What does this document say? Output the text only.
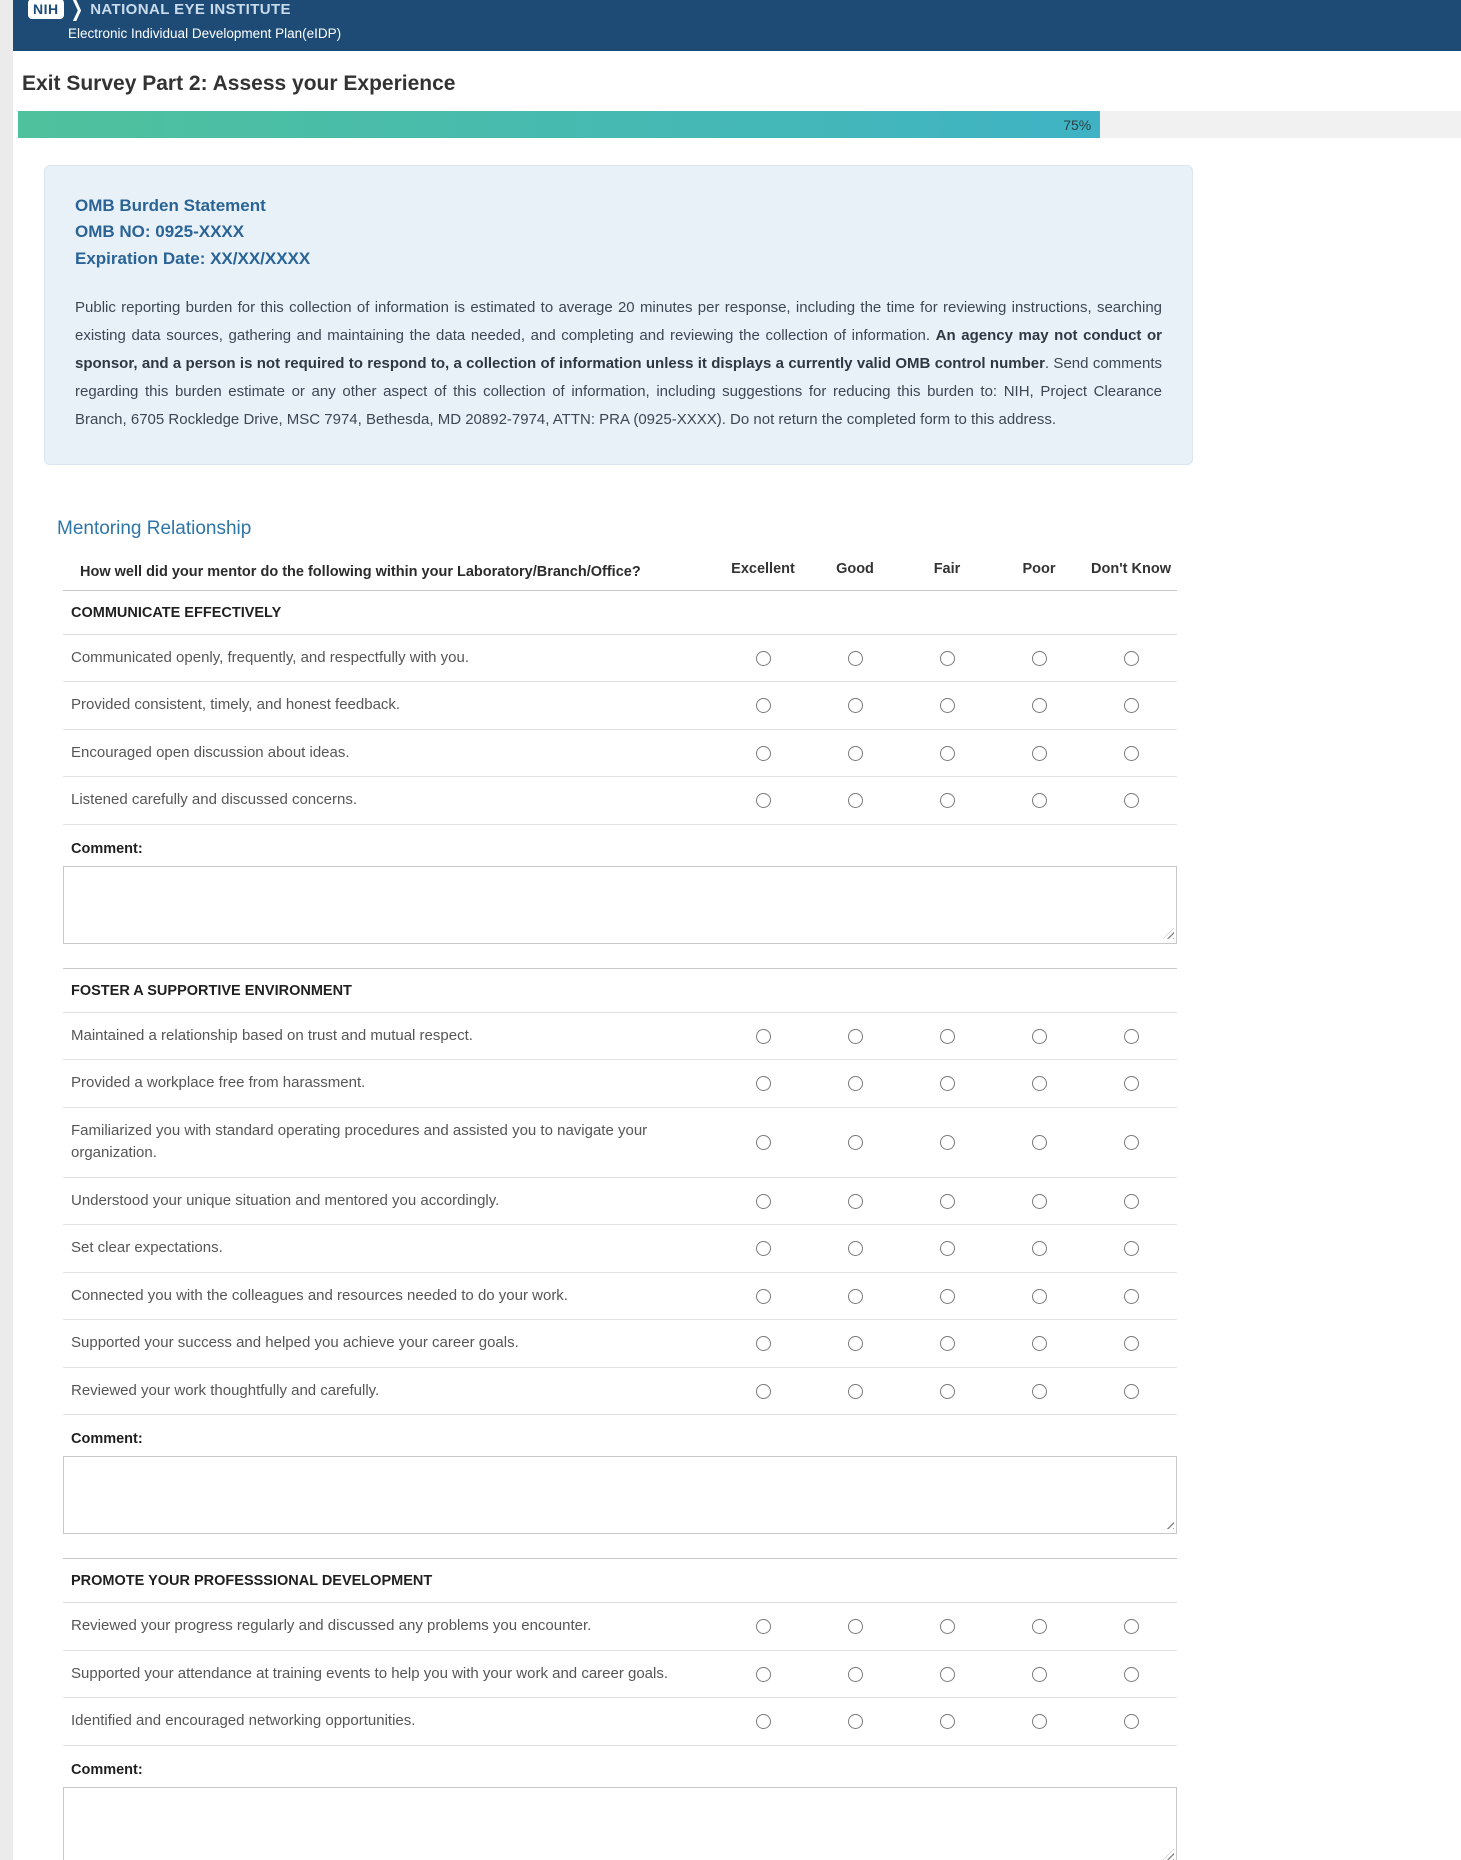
NIH ❯ NATIONAL EYE INSTITUTE
Electronic Individual Development Plan(eIDP)
Exit Survey Part 2: Assess your Experience
75%
OMB Burden Statement
OMB NO: 0925-XXXX
Expiration Date: XX/XX/XXXX

Public reporting burden for this collection of information is estimated to average 20 minutes per response, including the time for reviewing instructions, searching existing data sources, gathering and maintaining the data needed, and completing and reviewing the collection of information. An agency may not conduct or sponsor, and a person is not required to respond to, a collection of information unless it displays a currently valid OMB control number. Send comments regarding this burden estimate or any other aspect of this collection of information, including suggestions for reducing this burden to: NIH, Project Clearance Branch, 6705 Rockledge Drive, MSC 7974, Bethesda, MD 20892-7974, ATTN: PRA (0925-XXXX). Do not return the completed form to this address.

Mentoring Relationship
How well did your mentor do the following within your Laboratory/Branch/Office?	Excellent	Good	Fair	Poor	Don't Know
COMMUNICATE EFFECTIVELY
Communicated openly, frequently, and respectfully with you.
Provided consistent, timely, and honest feedback.
Encouraged open discussion about ideas.
Listened carefully and discussed concerns.
Comment:
FOSTER A SUPPORTIVE ENVIRONMENT
Maintained a relationship based on trust and mutual respect.
Provided a workplace free from harassment.
Familiarized you with standard operating procedures and assisted you to navigate your organization.
Understood your unique situation and mentored you accordingly.
Set clear expectations.
Connected you with the colleagues and resources needed to do your work.
Supported your success and helped you achieve your career goals.
Reviewed your work thoughtfully and carefully.
Comment:
PROMOTE YOUR PROFESSSIONAL DEVELOPMENT
Reviewed your progress regularly and discussed any problems you encounter.
Supported your attendance at training events to help you with your work and career goals.
Identified and encouraged networking opportunities.
Comment:
